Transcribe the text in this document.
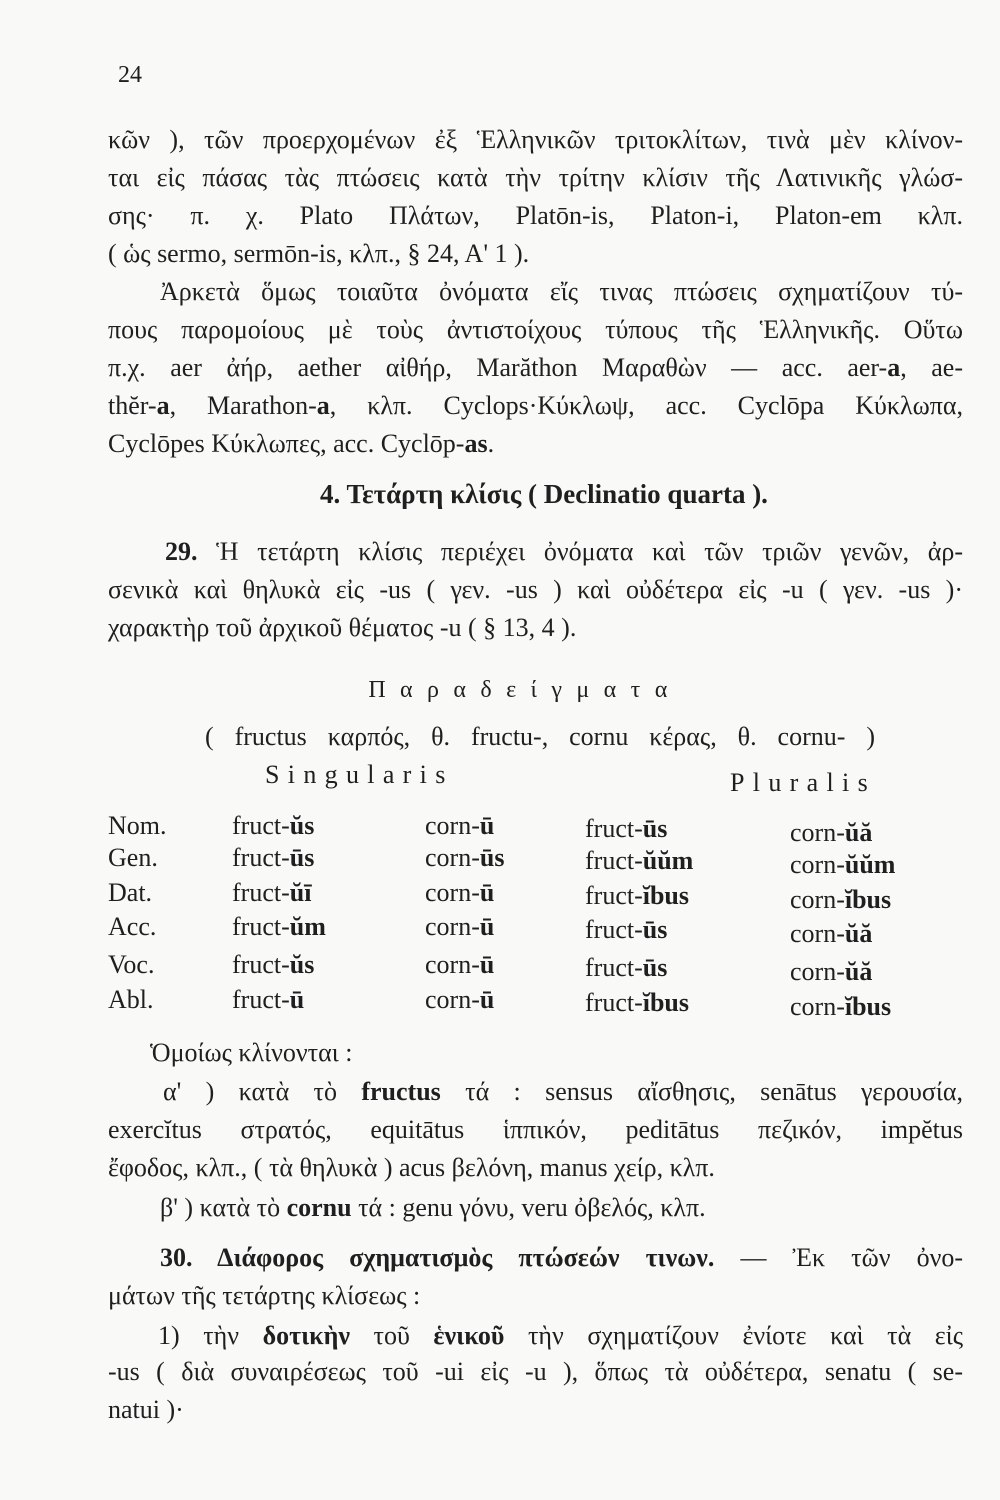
24
κῶν ), τῶν προερχομένων ἐξ Ἑλληνικῶν τριτοκλίτων, τινὰ μὲν κλίνον-
ται εἰς πάσας τὰς πτώσεις κατὰ τὴν τρίτην κλίσιν τῆς Λατινικῆς γλώσ-
σης· π. χ. Plato Πλάτων, Platōn-is, Platon-i, Platon-em κλπ.
( ὡς sermo, sermōn-is, κλπ., § 24, Α' 1 ).
Ἀρκετὰ ὅμως τοιαῦτα ὀνόματα εἴς τινας πτώσεις σχηματίζουν τύ-
πους παρομοίους μὲ τοὺς ἀντιστοίχους τύπους τῆς Ἑλληνικῆς. Οὕτω
π.χ. aer ἀήρ, aether αἰθήρ, Marăthon Μαραθὼν — acc. aer-a, ae-
thĕr-a, Marathon-a, κλπ. Cyclops·Κύκλωψ, acc. Cyclōpa Κύκλωπα,
Cyclōpes Κύκλωπες, acc. Cyclōp-as.
4. Τετάρτη κλίσις ( Declinatio quarta ).
29. Ἡ τετάρτη κλίσις περιέχει ὀνόματα καὶ τῶν τριῶν γενῶν, ἀρ-
σενικὰ καὶ θηλυκὰ εἰς -us ( γεν. -us ) καὶ οὐδέτερα εἰς -u ( γεν. -us )·
χαρακτὴρ τοῦ ἀρχικοῦ θέματος -u ( § 13, 4 ).
Παραδείγματα
( fructus καρπός, θ. fructu-, cornu κέρας, θ. cornu- )
Singularis	Pluralis
Nom.	fruct-ŭs	corn-ū	fruct-ūs	corn-ŭă
Gen.	fruct-ūs	corn-ūs	fruct-ŭŭm	corn-ŭŭm
Dat.	fruct-ŭī	corn-ū	fruct-ĭbus	corn-ĭbus
Acc.	fruct-ŭm	corn-ū	fruct-ūs	corn-ŭă
Voc.	fruct-ŭs	corn-ū	fruct-ūs	corn-ŭă
Abl.	fruct-ū	corn-ū	fruct-ĭbus	corn-ĭbus
Ὁμοίως κλίνονται :
α' ) κατὰ τὸ fructus τά : sensus αἴσθησις, senātus γερουσία,
exercĭtus στρατός, equitātus ἱππικόν, peditātus πεζικόν, impĕtus
ἔφοδος, κλπ., ( τὰ θηλυκὰ ) acus βελόνη, manus χείρ, κλπ.
β' ) κατὰ τὸ cornu τά : genu γόνυ, veru ὀβελός, κλπ.
30. Διάφορος σχηματισμὸς πτώσεών τινων. — Ἐκ τῶν ὀνο-
μάτων τῆς τετάρτης κλίσεως :
1) τὴν δοτικὴν τοῦ ἑνικοῦ τὴν σχηματίζουν ἐνίοτε καὶ τὰ εἰς
-us ( διὰ συναιρέσεως τοῦ -ui εἰς -u ), ὅπως τὰ οὐδέτερα, senatu ( se-
natui )·
